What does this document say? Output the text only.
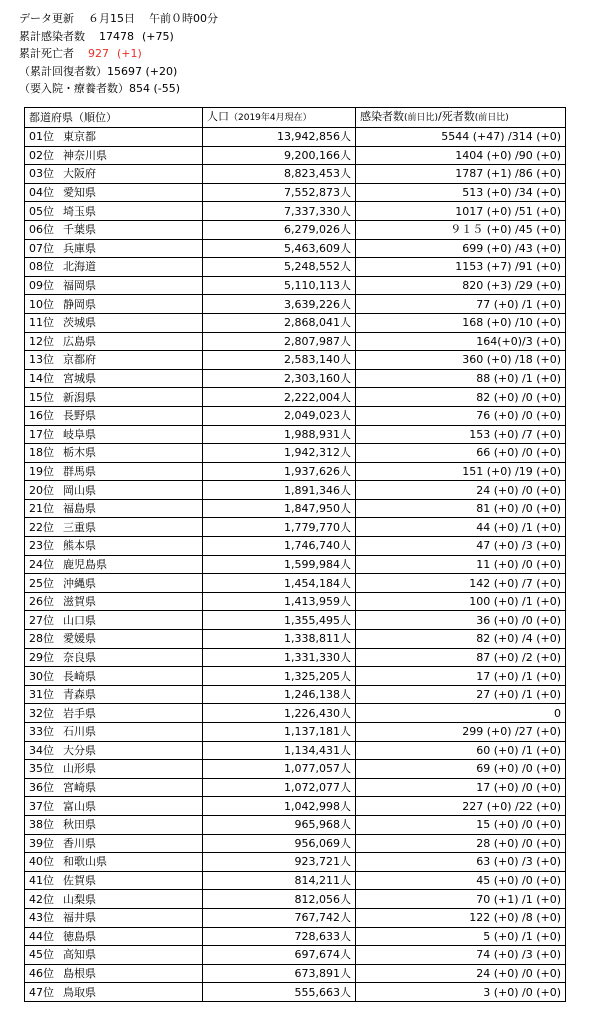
データ更新 ６月15日 午前０時00分
累計感染者数 17478 (+75)
累計死亡者 927 (+1)
（累計回復者数）15697 (+20)
（要入院・療養者数）854 (-55)
都道府県（順位）	人口（2019年4月現在）	感染者数(前日比)/死者数(前日比)
01位 東京都	13,942,856人	5544 (+47) /314 (+0)
02位 神奈川県	9,200,166人	1404 (+0) /90 (+0)
03位 大阪府	8,823,453人	1787 (+1) /86 (+0)
04位 愛知県	7,552,873人	513 (+0) /34 (+0)
05位 埼玉県	7,337,330人	1017 (+0) /51 (+0)
06位 千葉県	6,279,026人	９１５ (+0) /45 (+0)
07位 兵庫県	5,463,609人	699 (+0) /43 (+0)
08位 北海道	5,248,552人	1153 (+7) /91 (+0)
09位 福岡県	5,110,113人	820 (+3) /29 (+0)
10位 静岡県	3,639,226人	77 (+0) /1 (+0)
11位 茨城県	2,868,041人	168 (+0) /10 (+0)
12位 広島県	2,807,987人	164(+0)/3 (+0)
13位 京都府	2,583,140人	360 (+0) /18 (+0)
14位 宮城県	2,303,160人	88 (+0) /1 (+0)
15位 新潟県	2,222,004人	82 (+0) /0 (+0)
16位 長野県	2,049,023人	76 (+0) /0 (+0)
17位 岐阜県	1,988,931人	153 (+0) /7 (+0)
18位 栃木県	1,942,312人	66 (+0) /0 (+0)
19位 群馬県	1,937,626人	151 (+0) /19 (+0)
20位 岡山県	1,891,346人	24 (+0) /0 (+0)
21位 福島県	1,847,950人	81 (+0) /0 (+0)
22位 三重県	1,779,770人	44 (+0) /1 (+0)
23位 熊本県	1,746,740人	47 (+0) /3 (+0)
24位 鹿児島県	1,599,984人	11 (+0) /0 (+0)
25位 沖縄県	1,454,184人	142 (+0) /7 (+0)
26位 滋賀県	1,413,959人	100 (+0) /1 (+0)
27位 山口県	1,355,495人	36 (+0) /0 (+0)
28位 愛媛県	1,338,811人	82 (+0) /4 (+0)
29位 奈良県	1,331,330人	87 (+0) /2 (+0)
30位 長崎県	1,325,205人	17 (+0) /1 (+0)
31位 青森県	1,246,138人	27 (+0) /1 (+0)
32位 岩手県	1,226,430人	0
33位 石川県	1,137,181人	299 (+0) /27 (+0)
34位 大分県	1,134,431人	60 (+0) /1 (+0)
35位 山形県	1,077,057人	69 (+0) /0 (+0)
36位 宮崎県	1,072,077人	17 (+0) /0 (+0)
37位 富山県	1,042,998人	227 (+0) /22 (+0)
38位 秋田県	965,968人	15 (+0) /0 (+0)
39位 香川県	956,069人	28 (+0) /0 (+0)
40位 和歌山県	923,721人	63 (+0) /3 (+0)
41位 佐賀県	814,211人	45 (+0) /0 (+0)
42位 山梨県	812,056人	70 (+1) /1 (+0)
43位 福井県	767,742人	122 (+0) /8 (+0)
44位 徳島県	728,633人	5 (+0) /1 (+0)
45位 高知県	697,674人	74 (+0) /3 (+0)
46位 島根県	673,891人	24 (+0) /0 (+0)
47位 鳥取県	555,663人	3 (+0) /0 (+0)
